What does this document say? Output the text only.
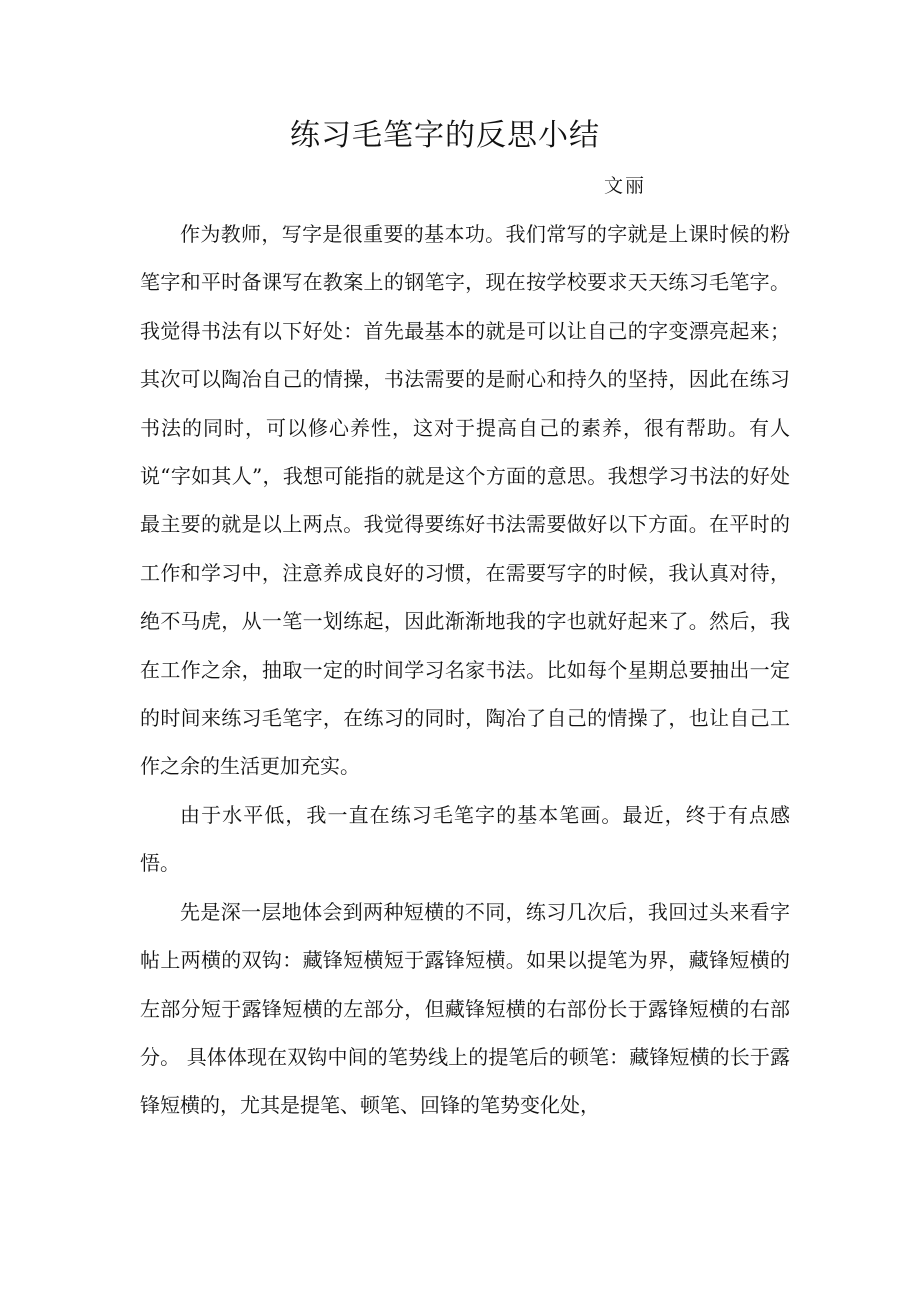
练习毛笔字的反思小结
文丽

作为教师，写字是很重要的基本功。我们常写的字就是上课时候的粉笔字和平时备课写在教案上的钢笔字，现在按学校要求天天练习毛笔字。我觉得书法有以下好处：首先最基本的就是可以让自己的字变漂亮起来；其次可以陶冶自己的情操，书法需要的是耐心和持久的坚持，因此在练习书法的同时，可以修心养性，这对于提高自己的素养，很有帮助。有人说“字如其人”，我想可能指的就是这个方面的意思。我想学习书法的好处最主要的就是以上两点。我觉得要练好书法需要做好以下方面。在平时的工作和学习中，注意养成良好的习惯，在需要写字的时候，我认真对待，绝不马虎，从一笔一划练起，因此渐渐地我的字也就好起来了。然后，我在工作之余，抽取一定的时间学习名家书法。比如每个星期总要抽出一定的时间来练习毛笔字，在练习的同时，陶冶了自己的情操了，也让自己工作之余的生活更加充实。

由于水平低，我一直在练习毛笔字的基本笔画。最近，终于有点感悟。

先是深一层地体会到两种短横的不同，练习几次后，我回过头来看字帖上两横的双钩：藏锋短横短于露锋短横。如果以提笔为界，藏锋短横的左部分短于露锋短横的左部分，但藏锋短横的右部份长于露锋短横的右部分。 具体体现在双钩中间的笔势线上的提笔后的顿笔：藏锋短横的长于露锋短横的，尤其是提笔、顿笔、回锋的笔势变化处，
